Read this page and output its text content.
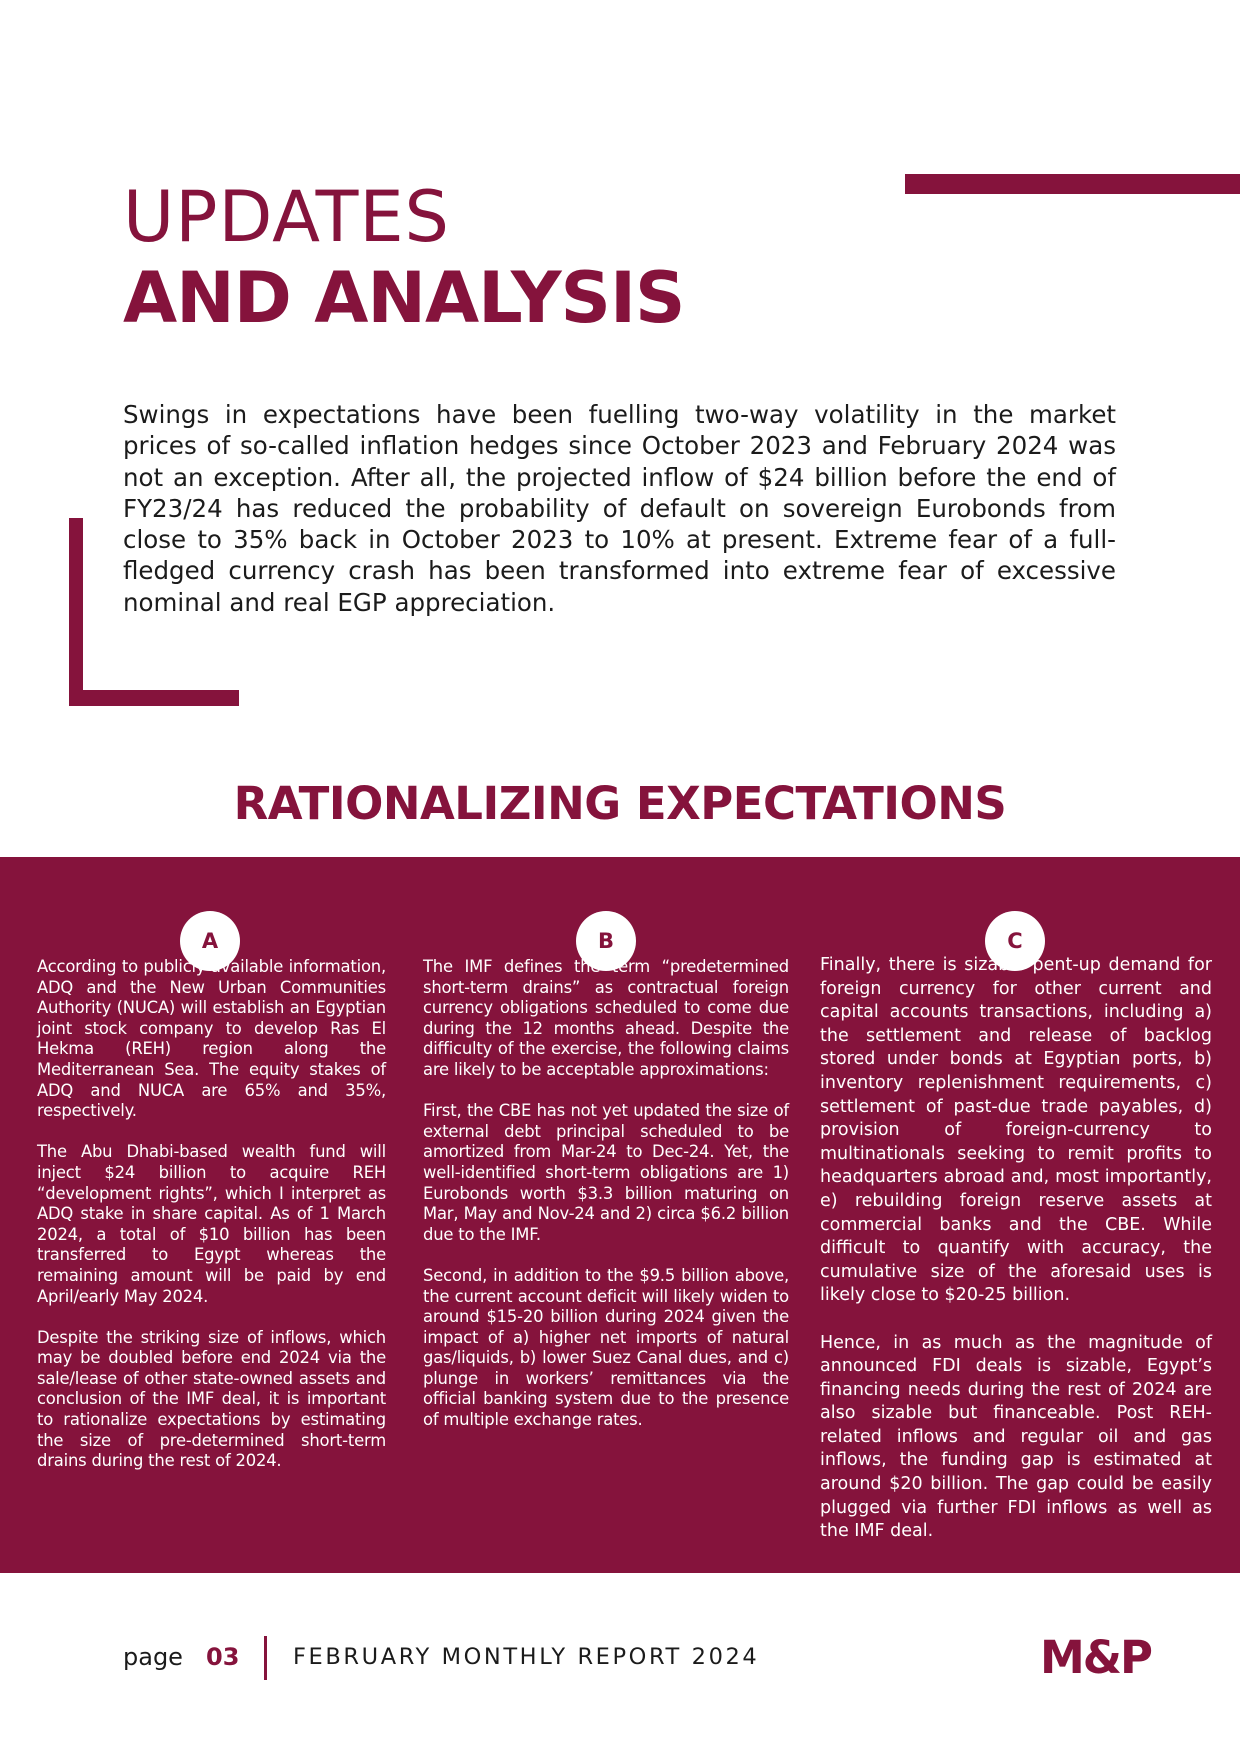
UPDATES
AND ANALYSIS

Swings in expectations have been fuelling two-way volatility in the market prices of so-called inflation hedges since October 2023 and February 2024 was not an exception. After all, the projected inflow of $24 billion before the end of FY23/24 has reduced the probability of default on sovereign Eurobonds from close to 35% back in October 2023 to 10% at present. Extreme fear of a full-fledged currency crash has been transformed into extreme fear of excessive nominal and real EGP appreciation.

RATIONALIZING EXPECTATIONS
A	B	C

According to publicly available information, ADQ and the New Urban Communities Authority (NUCA) will establish an Egyptian joint stock company to develop Ras El Hekma (REH) region along the Mediterranean Sea. The equity stakes of ADQ and NUCA are 65% and 35%, respectively.

The Abu Dhabi-based wealth fund will inject $24 billion to acquire REH “development rights”, which I interpret as ADQ stake in share capital. As of 1 March 2024, a total of $10 billion has been transferred to Egypt whereas the remaining amount will be paid by end April/early May 2024.

Despite the striking size of inflows, which may be doubled before end 2024 via the sale/lease of other state-owned assets and conclusion of the IMF deal, it is important to rationalize expectations by estimating the size of pre-determined short-term drains during the rest of 2024.

The IMF defines the term “predetermined short-term drains” as contractual foreign currency obligations scheduled to come due during the 12 months ahead. Despite the difficulty of the exercise, the following claims are likely to be acceptable approximations:

First, the CBE has not yet updated the size of external debt principal scheduled to be amortized from Mar-24 to Dec-24. Yet, the well-identified short-term obligations are 1) Eurobonds worth $3.3 billion maturing on Mar, May and Nov-24 and 2) circa $6.2 billion due to the IMF.

Second, in addition to the $9.5 billion above, the current account deficit will likely widen to around $15-20 billion during 2024 given the impact of a) higher net imports of natural gas/liquids, b) lower Suez Canal dues, and c) plunge in workers’ remittances via the official banking system due to the presence of multiple exchange rates.

Finally, there is sizable pent-up demand for foreign currency for other current and capital accounts transactions, including a) the settlement and release of backlog stored under bonds at Egyptian ports, b) inventory replenishment requirements, c) settlement of past-due trade payables, d) provision of foreign-currency to multinationals seeking to remit profits to headquarters abroad and, most importantly, e) rebuilding foreign reserve assets at commercial banks and the CBE. While difficult to quantify with accuracy, the cumulative size of the aforesaid uses is likely close to $20-25 billion.

Hence, in as much as the magnitude of announced FDI deals is sizable, Egypt’s financing needs during the rest of 2024 are also sizable but financeable. Post REH-related inflows and regular oil and gas inflows, the funding gap is estimated at around $20 billion. The gap could be easily plugged via further FDI inflows as well as the IMF deal.

page 03 FEBRUARY MONTHLY REPORT 2024	M&P
